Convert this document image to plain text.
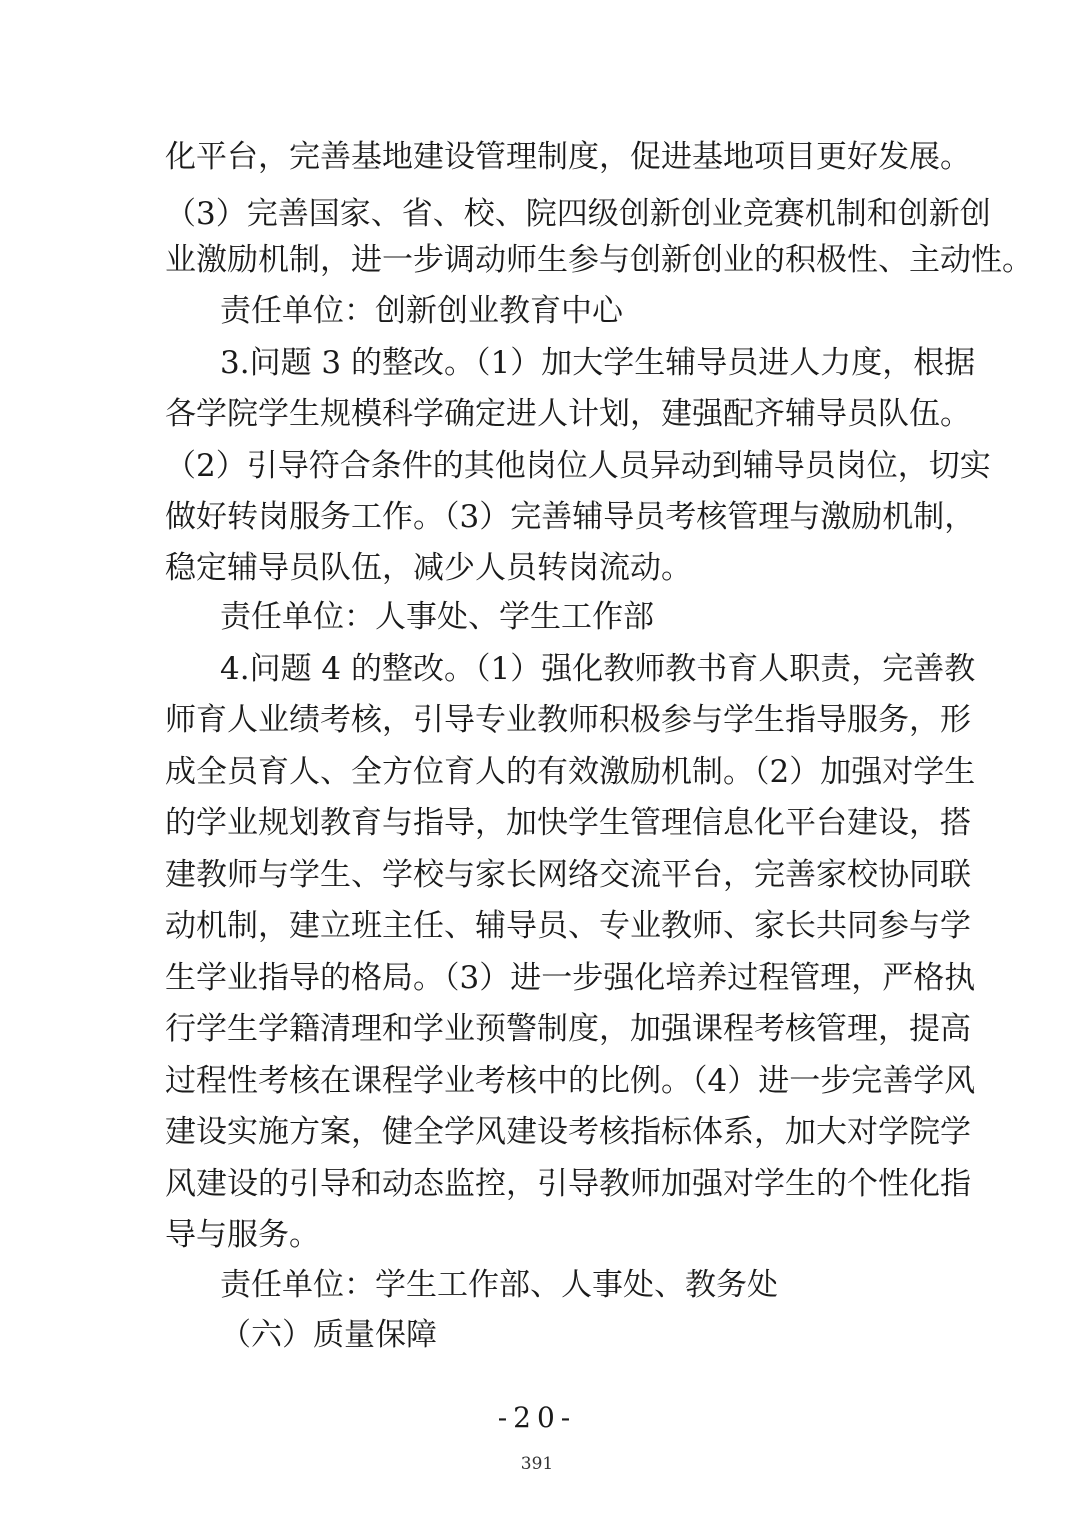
化平台，完善基地建设管理制度，促进基地项目更好发展。
（3）完善国家、省、校、院四级创新创业竞赛机制和创新创
业激励机制，进一步调动师生参与创新创业的积极性、主动性。
责任单位：创新创业教育中心
3.问题 3 的整改。（1）加大学生辅导员进人力度，根据
各学院学生规模科学确定进人计划，建强配齐辅导员队伍。
（2）引导符合条件的其他岗位人员异动到辅导员岗位，切实
做好转岗服务工作。（3）完善辅导员考核管理与激励机制，
稳定辅导员队伍，减少人员转岗流动。
责任单位：人事处、学生工作部
4.问题 4 的整改。（1）强化教师教书育人职责，完善教
师育人业绩考核，引导专业教师积极参与学生指导服务，形
成全员育人、全方位育人的有效激励机制。（2）加强对学生
的学业规划教育与指导，加快学生管理信息化平台建设，搭
建教师与学生、学校与家长网络交流平台，完善家校协同联
动机制，建立班主任、辅导员、专业教师、家长共同参与学
生学业指导的格局。（3）进一步强化培养过程管理，严格执
行学生学籍清理和学业预警制度，加强课程考核管理，提高
过程性考核在课程学业考核中的比例。（4）进一步完善学风
建设实施方案，健全学风建设考核指标体系，加大对学院学
风建设的引导和动态监控，引导教师加强对学生的个性化指
导与服务。
责任单位：学生工作部、人事处、教务处
（六）质量保障
-20-
391
